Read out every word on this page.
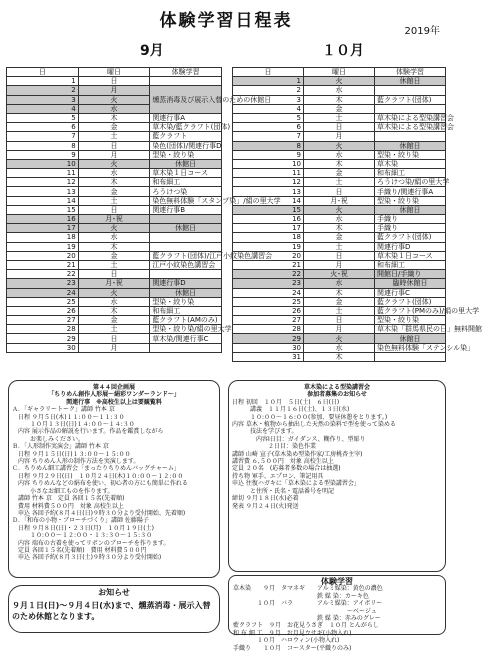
体験学習日程表
2019年
9月	１０月
日	曜日	体験学習
1	日	
2	月	燻蒸消毒及び展示入替のための休館日
3	火	
4	水	
5	木	関連行事A
6	金	草木染/藍クラフト(団体)
7	土	藍クラフト
8	日	染色(団体)/関連行事D
9	月	型染・絞り染
10	火	休館日
11	水	草木染１日コース
12	木	和布細工
13	金	ろうけつ染
14	土	染色無料体験「スタンプ染」/絹の里大学
15	日	関連行事B
16	月･祝	
17	火	休館日
18	水	
19	木	
20	金	藍クラフト(団体)/江戸小紋染色講習会
21	土	江戸小紋染色講習会
22	日	
23	月･祝	関連行事D
24	火	休館日
25	水	型染・絞り染
26	木	和布細工
27	金	藍クラフト(AMのみ)
28	土	型染・絞り染/絹の里大学
29	日	草木染/関連行事C
30	月	
日	曜日	体験学習
1	火	休館日
2	水	
3	木	藍クラフト(団体)
4	金	
5	土	草木染による型染講習会
6	日	草木染による型染講習会
7	月	
8	火	休館日
9	水	型染・絞り染
10	木	草木染
11	金	和布細工
12	土	ろうけつ染/絹の里大学
13	日	手織り/関連行事A
14	月･祝	型染・絞り染
15	火	休館日
16	水	手織り
17	木	手織り
18	金	藍クラフト(団体)
19	土	関連行事D
20	日	草木染１日コース
21	月	和布細工
22	火･祝	開館日/手織り
23	水	臨時休館日
24	木	関連行事C
25	金	藍クラフト(団体)
26	土	藍クラフト(PMのみ)/絹の里大学
27	日	型染・絞り染
28	月	草木染「群馬県民の日」無料開館
29	火	休館日
30	水	染色無料体験「ステンシル染」
31	木	
第４４回企画展
「ちりめん創作人形展～絹彩ワンダーランド～」
関連行事　※高校生以上は要観覧料
Ａ．「ギャラリートーク」講師 竹本 京
　日程 ９月５日(木)１１:００～１１:３０
　　　１０月１３日(日)１４:００～１４:３０
　内容 展示作品の解説を行います。作品を鑑賞しながら
　　　お楽しみください。
Ｂ．「人形制作実演会」講師 竹本 京
　日程 ９月１５日(日)１３:００～１５:００
　内容 ちりめん人形の制作方法を実演します。
Ｃ．ちりめん細工講習会「まったりちりめんバッグチャーム」
　日程 ９月２９日(日)　１０月２４日(木)１０:００～１２:００
　内容 ちりめんなどの絹布を使い、初心者の方にも簡単に作れる
　　　小さなお細工ものを作ります。
　講師 竹本 京　定員 各回１５名(先着順)
　費用 材料費５００円　対象 高校生以上
　申込 各回予約(８月４日(日)９時３０分より受付開始、先着順)
Ｄ．「和布の小物・ブローチづくり」講師 佐藤陽子
　日程 ９月８日(日)・２３日(月)　１０月１９日(土)
　　　１０:００～１２:００・１３:３０～１５:３０
　内容 端布の古着を使ってリボンのブローチを作ります。
　定員 各回１５名(先着順)　費用 材料費５００円
　申込 各回予約(８月３日(土)９時３０分より受付開始)
草木染による型染講習会
参加者募集のお知らせ
日程 初回　１０月　５日(土)　６日(日)
　　　講義　１１月１６日(土)、１３日(水)
　　　１０:００～１６:００(参加、要昼休憩をとります。)
内容 草木・植物から抽出した天然の染料で型を使って染める
　　　技法を学びます。
　　　　内容Ⅰ日目：ガイダンス、糊作り、型彫り
　　　　　　２日目：染色作業
講師 山崎 宣子(草木染め型染作家/工房桃杏主宰)
講習費 ６,５００円　対象 高校生以上
定員 ２０名　(応募者多数の場合は抽選)
持ち物 軍手、エプロン、筆記用具
申込 往復ハガキに「草木染による型染講習会」
　　　と住所・氏名・電話番号を明記
締切 ９月１８日(水)必着
発表 ９月２４日(火)発送
お知らせ
９月１日(日)～９月４日(水)まで、燻蒸消毒・展示入替のため休館となります。
体験学習
草木染　　９月　タマネギ　　アルミ媒染：黄色の濃色
　　　　　　　　　　　　　　鉄 媒 染：カーキ色
　　　　１０月　バラ　　　　アルミ媒染：アイボリー
　　　　　　　　　　　　　　　　　　　～ベージュ
　　　　　　　　　　　　　　鉄 媒 染：赤みのグレー
藍クラフト　９月　お花見うさぎ　１０月 とんがらし
和 布 細 工　９月　お月見ウサギ(小物入れ)
　　　　１０月　ハロウィン(小物入れ)
手織り　　１０月　コースター(平織りのみ)
